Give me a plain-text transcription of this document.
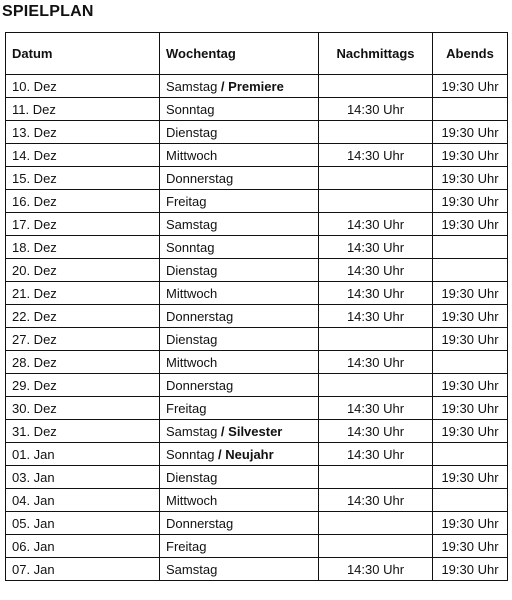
SPIELPLAN
Datum	Wochentag	Nachmittags	Abends
10. Dez	Samstag / Premiere		19:30 Uhr
11. Dez	Sonntag	14:30 Uhr	
13. Dez	Dienstag		19:30 Uhr
14. Dez	Mittwoch	14:30 Uhr	19:30 Uhr
15. Dez	Donnerstag		19:30 Uhr
16. Dez	Freitag		19:30 Uhr
17. Dez	Samstag	14:30 Uhr	19:30 Uhr
18. Dez	Sonntag	14:30 Uhr	
20. Dez	Dienstag	14:30 Uhr	
21. Dez	Mittwoch	14:30 Uhr	19:30 Uhr
22. Dez	Donnerstag	14:30 Uhr	19:30 Uhr
27. Dez	Dienstag		19:30 Uhr
28. Dez	Mittwoch	14:30 Uhr	
29. Dez	Donnerstag		19:30 Uhr
30. Dez	Freitag	14:30 Uhr	19:30 Uhr
31. Dez	Samstag / Silvester	14:30 Uhr	19:30 Uhr
01. Jan	Sonntag / Neujahr	14:30 Uhr	
03. Jan	Dienstag		19:30 Uhr
04. Jan	Mittwoch	14:30 Uhr	
05. Jan	Donnerstag		19:30 Uhr
06. Jan	Freitag		19:30 Uhr
07. Jan	Samstag	14:30 Uhr	19:30 Uhr
